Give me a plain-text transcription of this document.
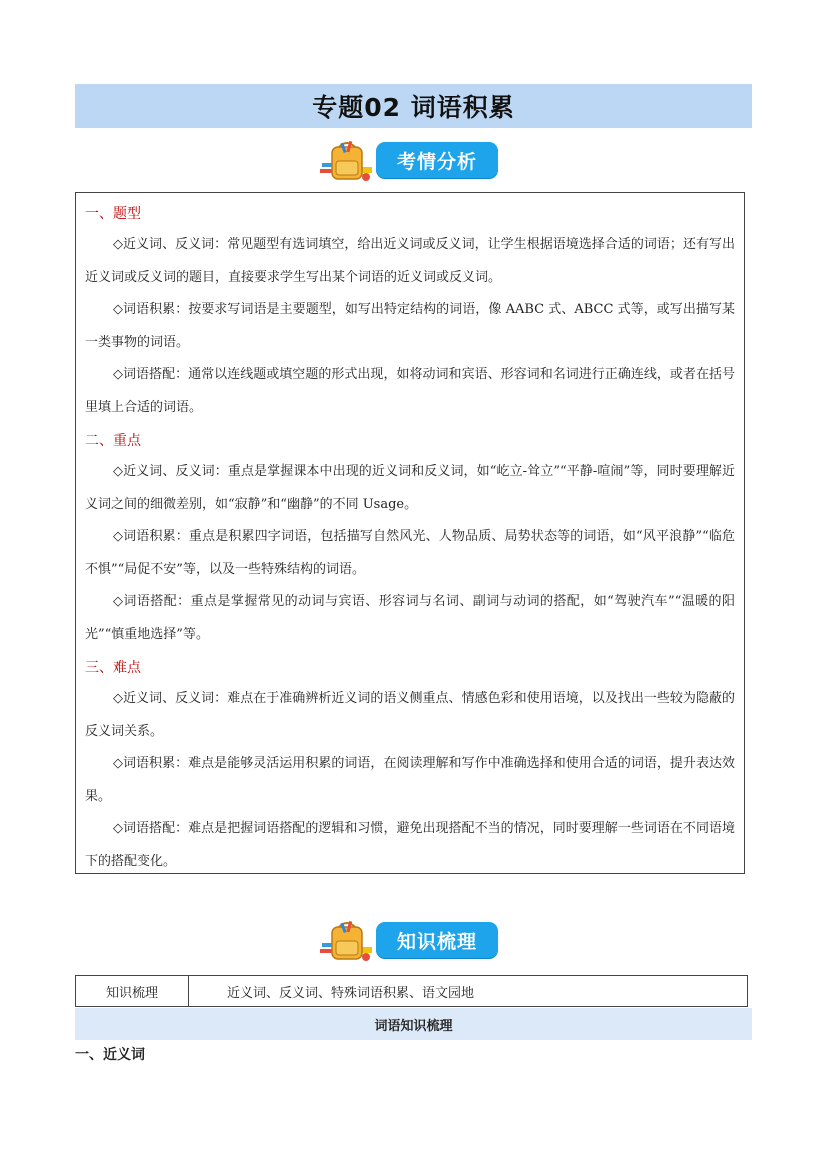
专题02 词语积累
考情分析
一、题型

◇近义词、反义词：常见题型有选词填空，给出近义词或反义词，让学生根据语境选择合适的词语；还有写出近义词或反义词的题目，直接要求学生写出某个词语的近义词或反义词。

◇词语积累：按要求写词语是主要题型，如写出特定结构的词语，像 AABC 式、ABCC 式等，或写出描写某一类事物的词语。

◇词语搭配：通常以连线题或填空题的形式出现，如将动词和宾语、形容词和名词进行正确连线，或者在括号里填上合适的词语。

二、重点

◇近义词、反义词：重点是掌握课本中出现的近义词和反义词，如“屹立-耸立”“平静-喧闹”等，同时要理解近义词之间的细微差别，如“寂静”和“幽静”的不同 Usage。

◇词语积累：重点是积累四字词语，包括描写自然风光、人物品质、局势状态等的词语，如“风平浪静”“临危不惧”“局促不安”等，以及一些特殊结构的词语。

◇词语搭配：重点是掌握常见的动词与宾语、形容词与名词、副词与动词的搭配，如“驾驶汽车”“温暖的阳光”“慎重地选择”等。

三、难点

◇近义词、反义词：难点在于准确辨析近义词的语义侧重点、情感色彩和使用语境，以及找出一些较为隐蔽的反义词关系。

◇词语积累：难点是能够灵活运用积累的词语，在阅读理解和写作中准确选择和使用合适的词语，提升表达效果。

◇词语搭配：难点是把握词语搭配的逻辑和习惯，避免出现搭配不当的情况，同时要理解一些词语在不同语境下的搭配变化。

知识梳理
知识梳理	近义词、反义词、特殊词语积累、语文园地
词语知识梳理
一、近义词
